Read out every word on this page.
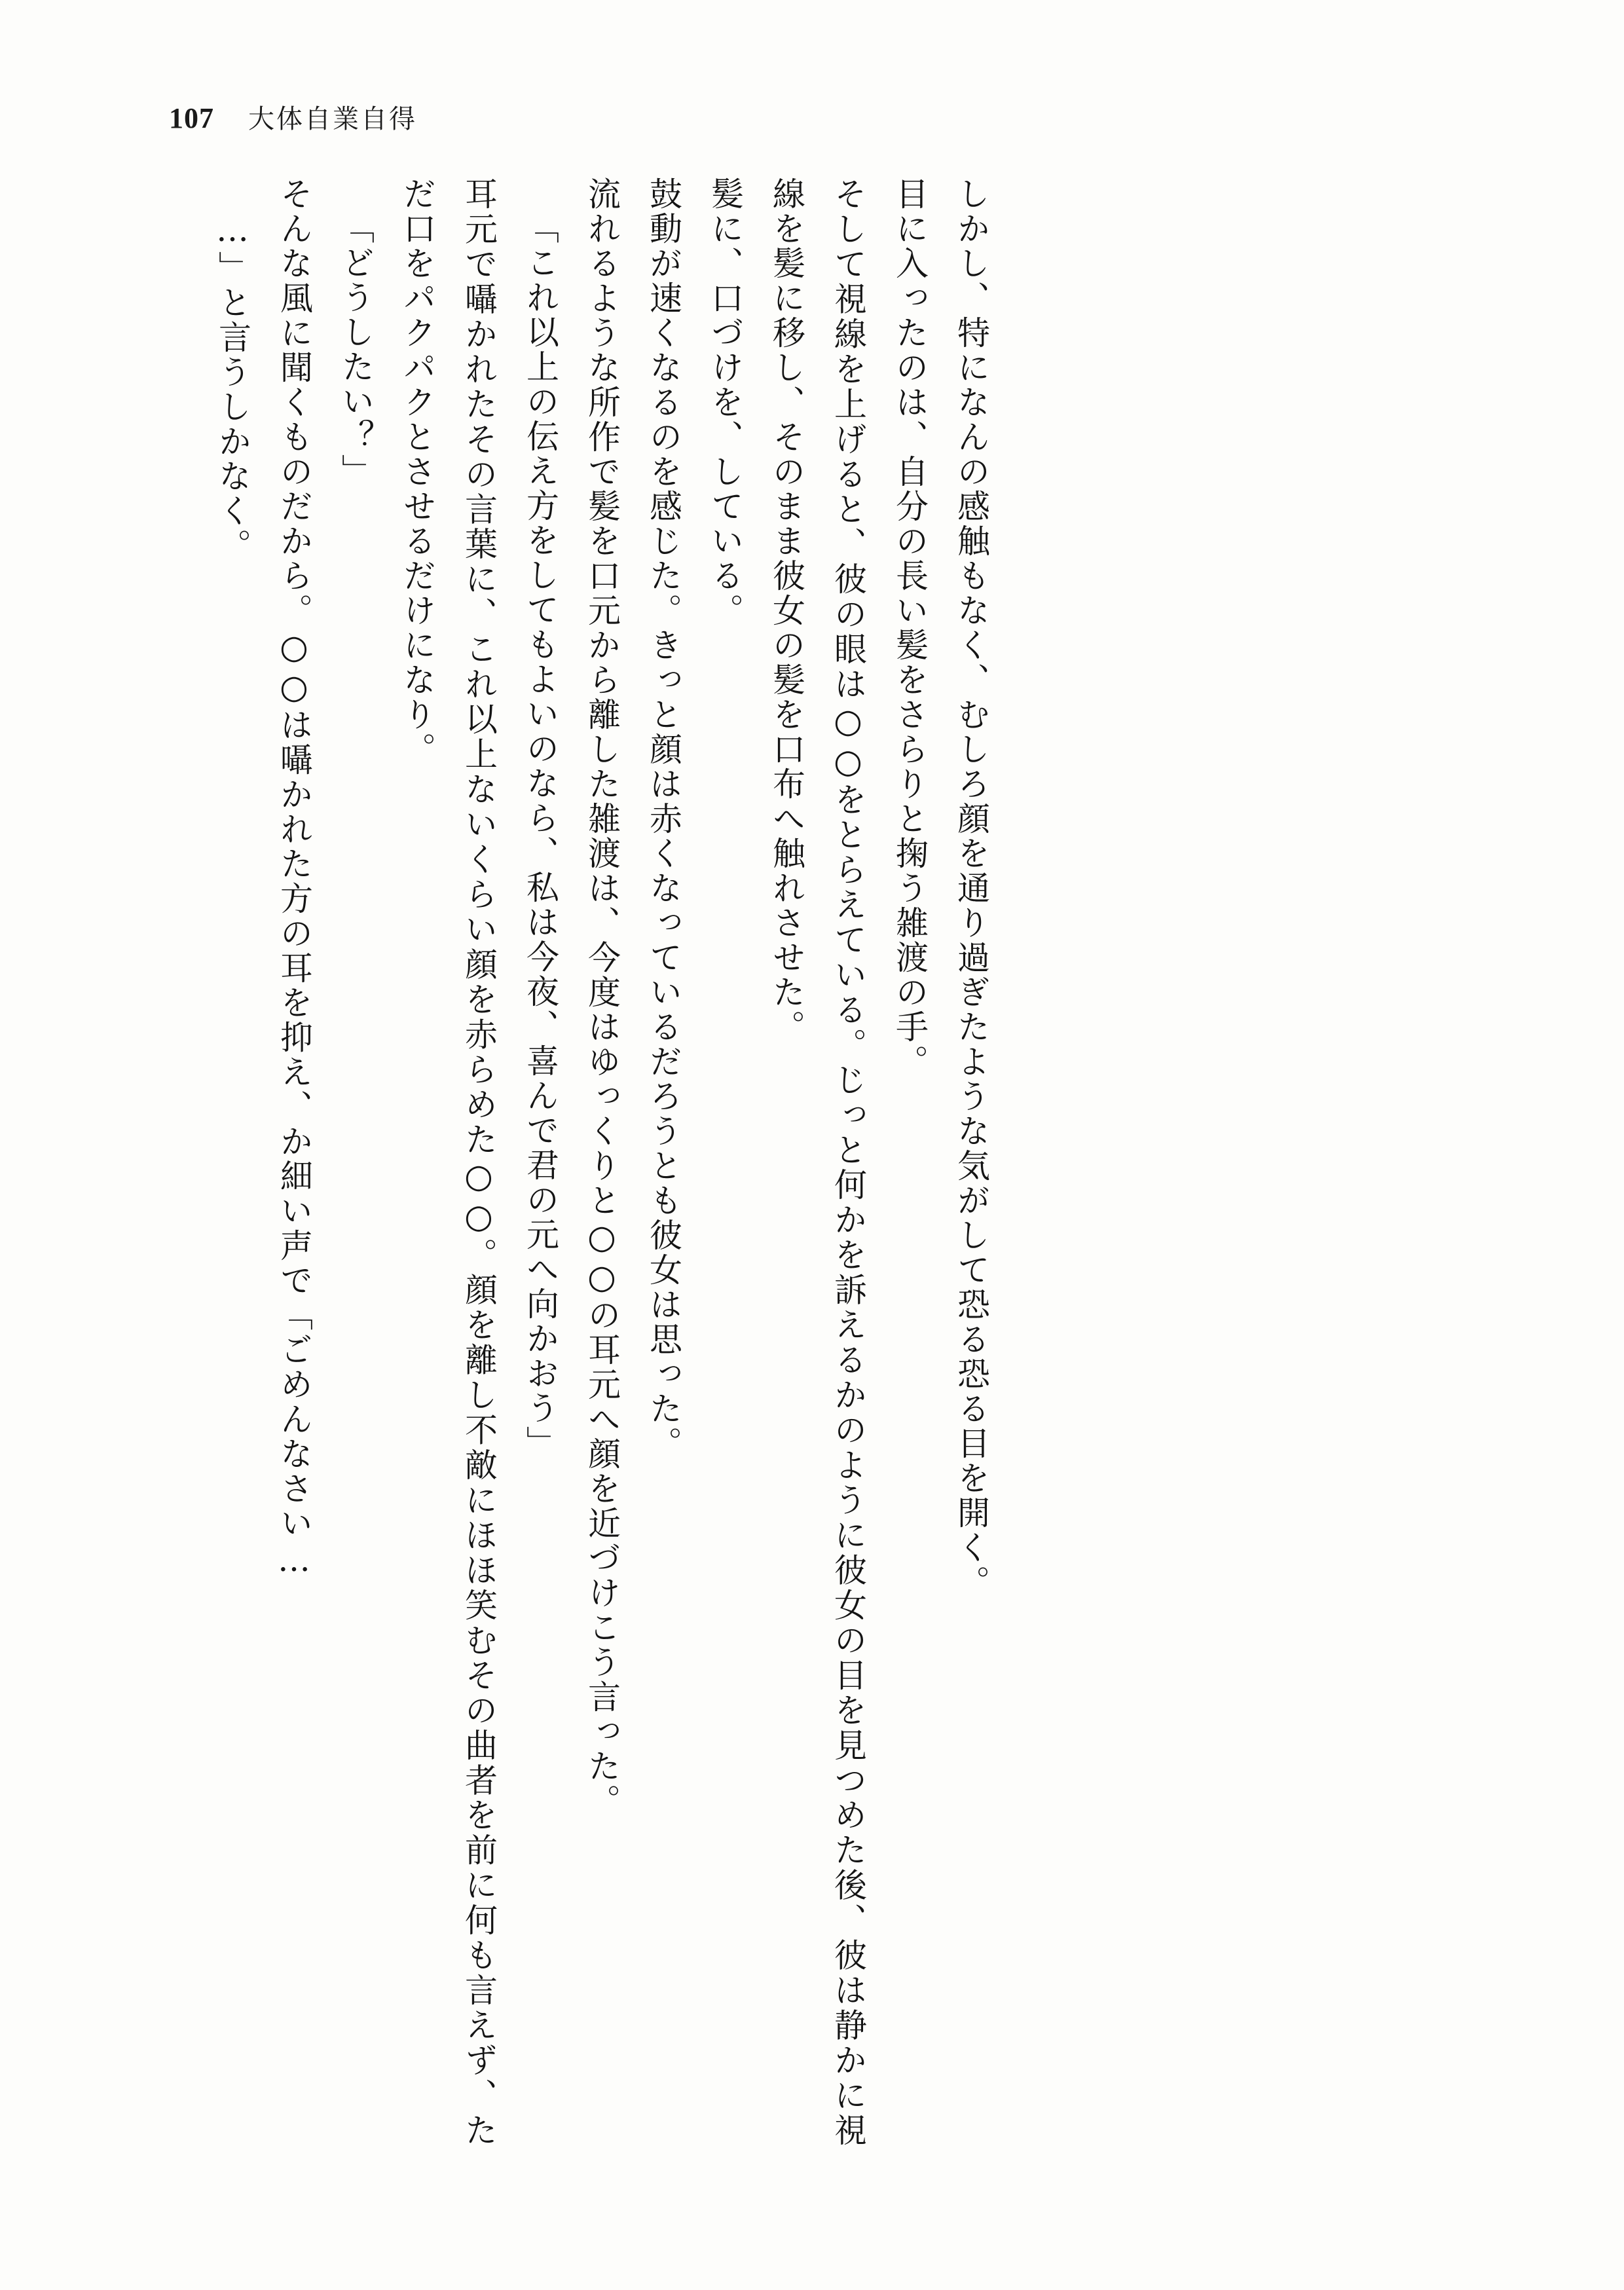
107 大体自業自得

しかし、特になんの感触もなく、むしろ顔を通り過ぎたような気がして恐る恐る目を開く。

目に入ったのは、自分の長い髪をさらりと掬う雑渡の手。

そして視線を上げると、彼の眼は○○をとらえている。じっと何かを訴えるかのように彼女の目を見つめた後、彼は静かに視線を髪に移し、そのまま彼女の髪を口布へ触れさせた。

髪に、口づけを、している。

鼓動が速くなるのを感じた。きっと顔は赤くなっているだろうとも彼女は思った。

流れるような所作で髪を口元から離した雑渡は、今度はゆっくりと○○の耳元へ顔を近づけこう言った。

「これ以上の伝え方をしてもよいのなら、私は今夜、喜んで君の元へ向かおう」

耳元で囁かれたその言葉に、これ以上ないくらい顔を赤らめた○○。顔を離し不敵にほほ笑むその曲者を前に何も言えず、ただ口をパクパクとさせるだけになり。

「どうしたい？」

そんな風に聞くものだから。○○は囁かれた方の耳を抑え、か細い声で「ごめんなさい…

…」と言うしかなく。
